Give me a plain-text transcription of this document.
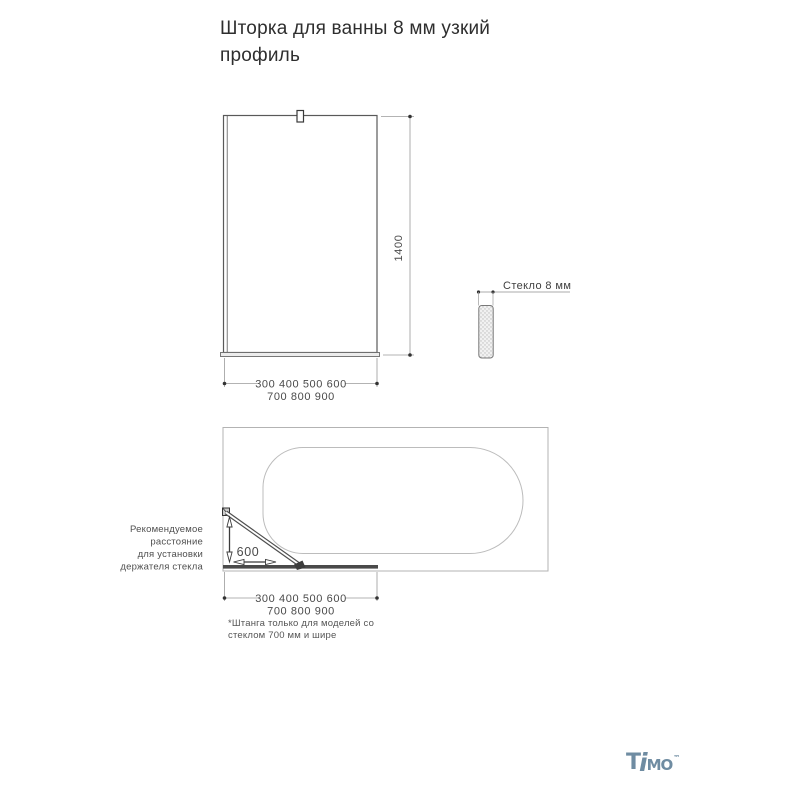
Шторка для ванны 8 мм узкий профиль
1400
300 400 500 600
700 800 900
Стекло 8 мм
600
Рекомендуемое
расстояние
для установки
держателя стекла
300 400 500 600
700 800 900
*Штанга только для моделей со
стеклом 700 мм и шире
T
i MO ™
